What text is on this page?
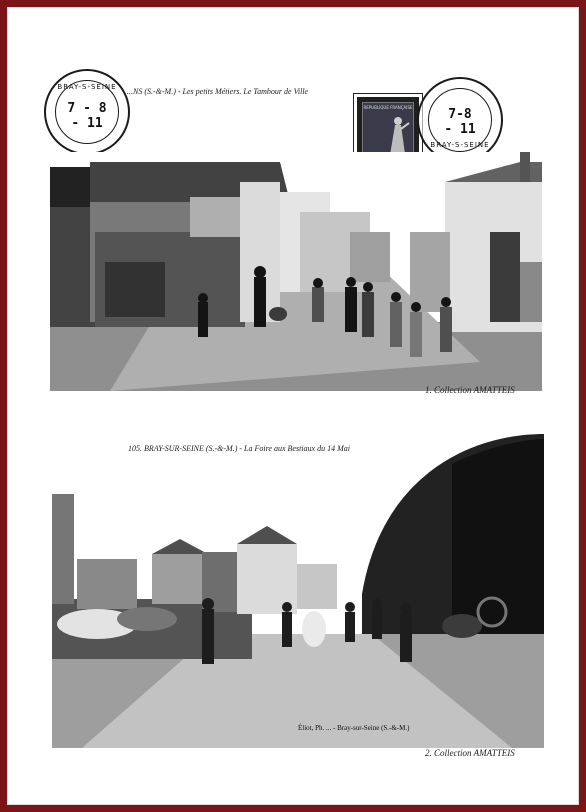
...NS (S.-&-M.) - Les petits Métiers. Le Tambour de Ville
BRAY-S-SEINE
7 - 8
- 11
REPUBLIQUE FRANÇAISE	7-8
- 11
BRAY-S-SEINE
1. Collection AMATTEIS
Éliot, Ph. ... - Bray-sur-Seine (S.-&-M.)
105. BRAY-SUR-SEINE (S.-&-M.) - La Foire aux Bestiaux du 14 Mai
2. Collection AMATTEIS
